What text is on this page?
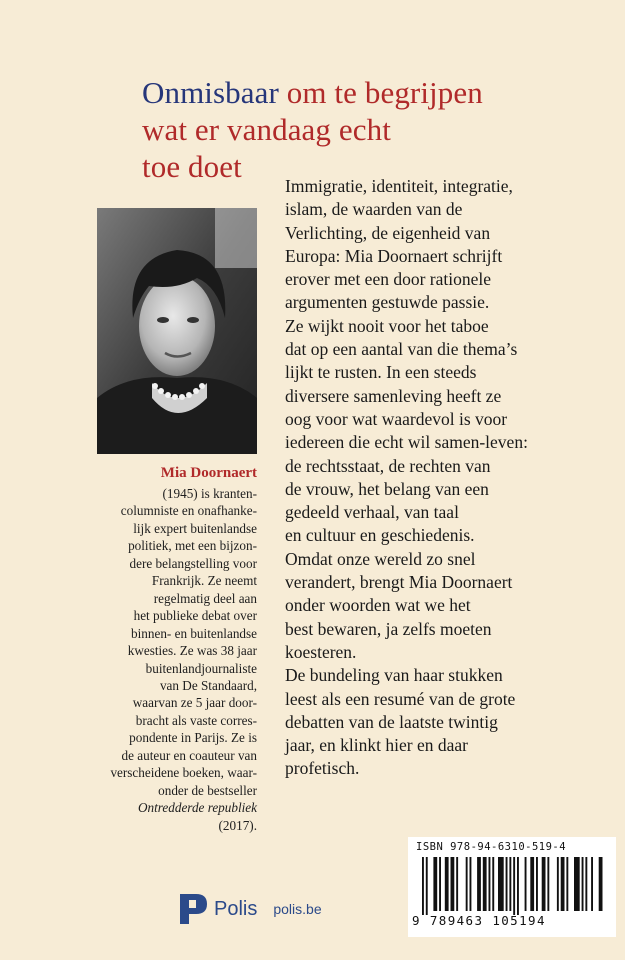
Onmisbaar om te begrijpen
wat er vandaag echt
toe doet
Mia Doornaert
(1945) is kranten-
columniste en onafhanke-
lijk expert buitenlandse
politiek, met een bijzon-
dere belangstelling voor
Frankrijk. Ze neemt
regelmatig deel aan
het publieke debat over
binnen- en buitenlandse
kwesties. Ze was 38 jaar
buitenlandjournaliste
van De Standaard,
waarvan ze 5 jaar door-
bracht als vaste corres-
pondente in Parijs. Ze is
de auteur en coauteur van
verscheidene boeken, waar-
onder de bestseller
Ontredderde republiek
(2017).
Immigratie, identiteit, integratie,
islam, de waarden van de
Verlichting, de eigenheid van
Europa: Mia Doornaert schrijft
erover met een door rationele
argumenten gestuwde passie.
Ze wijkt nooit voor het taboe
dat op een aantal van die thema’s
lijkt te rusten. In een steeds
diversere samenleving heeft ze
oog voor wat waardevol is voor
iedereen die echt wil samen-leven:
de rechtsstaat, de rechten van
de vrouw, het belang van een
gedeeld verhaal, van taal
en cultuur en geschiedenis.
Omdat onze wereld zo snel
verandert, brengt Mia Doornaert
onder woorden wat we het
best bewaren, ja zelfs moeten
koesteren.
De bundeling van haar stukken
leest als een resumé van de grote
debatten van de laatste twintig
jaar, en klinkt hier en daar
profetisch.
ISBN 978-94-6310-519-4
9 789463 105194
Polis polis.be
